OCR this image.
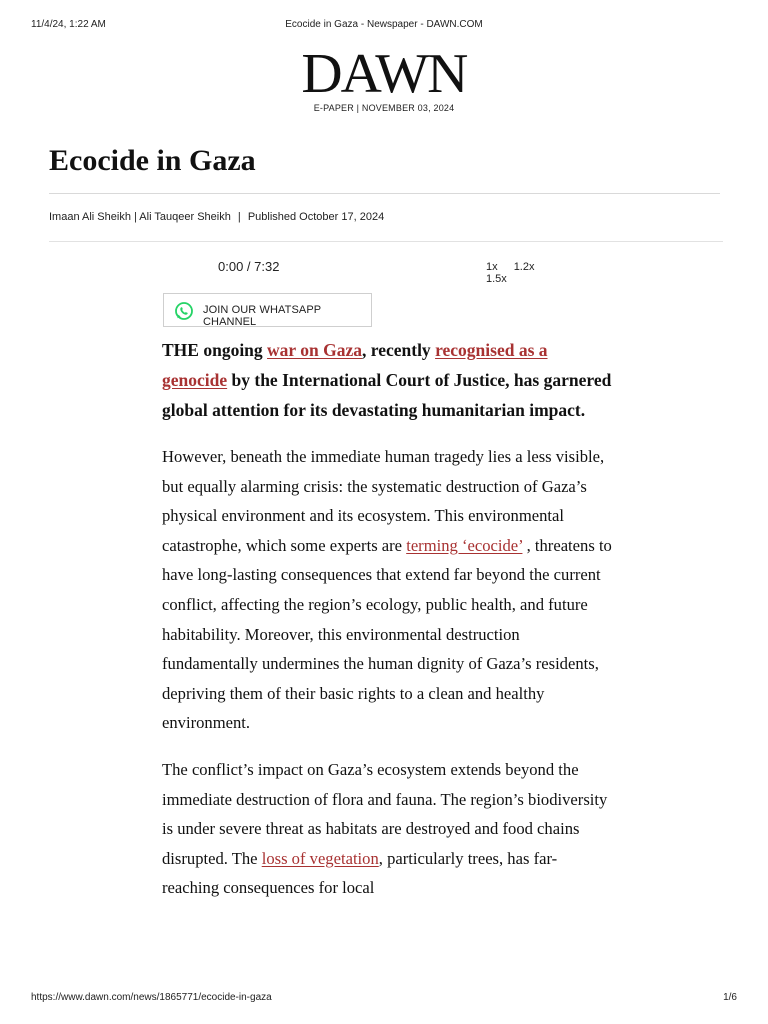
11/4/24, 1:22 AM	Ecocide in Gaza - Newspaper - DAWN.COM
DAWN
E-PAPER | NOVEMBER 03, 2024
Ecocide in Gaza
Imaan Ali Sheikh | Ali Tauqeer Sheikh | Published October 17, 2024
0:00 / 7:32	1x 1.2x 1.5x
JOIN OUR WHATSAPP CHANNEL

THE ongoing war on Gaza, recently recognised as a genocide by the International Court of Justice, has garnered global attention for its devastating humanitarian impact.

However, beneath the immediate human tragedy lies a less visible, but equally alarming crisis: the systematic destruction of Gaza’s physical environment and its ecosystem. This environmental catastrophe, which some experts are terming ‘ecocide’ , threatens to have long-lasting consequences that extend far beyond the current conflict, affecting the region’s ecology, public health, and future habitability. Moreover, this environmental destruction fundamentally undermines the human dignity of Gaza’s residents, depriving them of their basic rights to a clean and healthy environment.

The conflict’s impact on Gaza’s ecosystem extends beyond the immediate destruction of flora and fauna. The region’s biodiversity is under severe threat as habitats are destroyed and food chains disrupted. The loss of vegetation, particularly trees, has far-reaching consequences for local

https://www.dawn.com/news/1865771/ecocide-in-gaza	1/6
